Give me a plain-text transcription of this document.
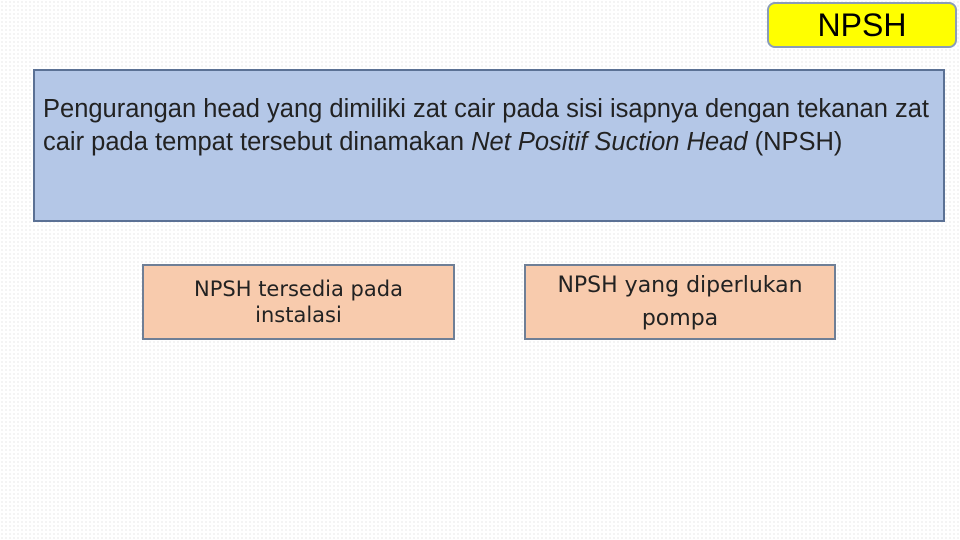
NPSH
Pengurangan head yang dimiliki zat cair pada sisi isapnya dengan tekanan zat cair pada tempat tersebut dinamakan Net Positif Suction Head (NPSH)
NPSH tersedia pada
instalasi
NPSH yang diperlukan
pompa
